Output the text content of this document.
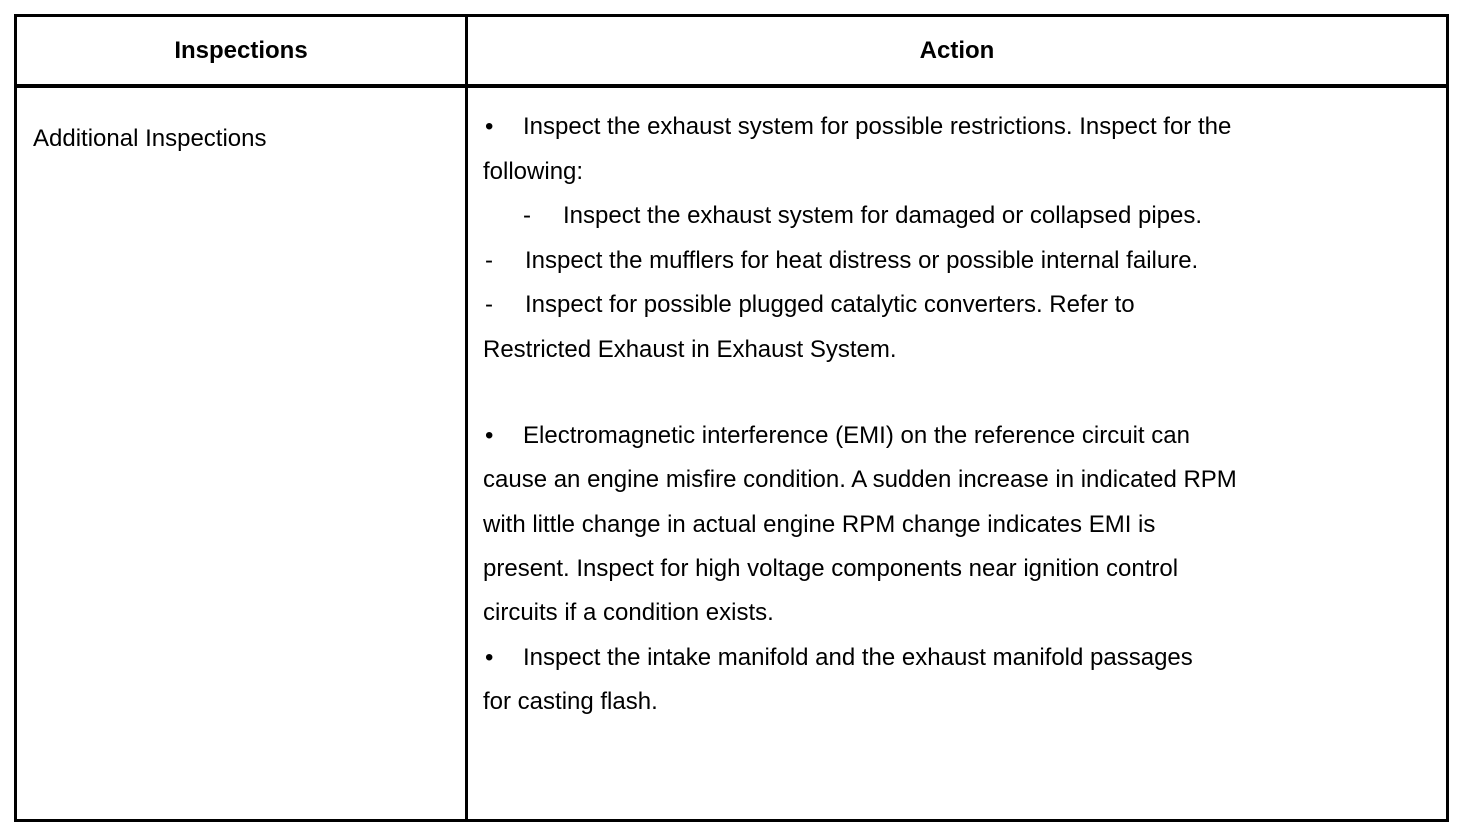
Inspections	Action
Additional Inspections	• Inspect the exhaust system for possible restrictions. Inspect for the
following:
- Inspect the exhaust system for damaged or collapsed pipes.
- Inspect the mufflers for heat distress or possible internal failure.
- Inspect for possible plugged catalytic converters. Refer to
Restricted Exhaust in Exhaust System.
• Electromagnetic interference (EMI) on the reference circuit can
cause an engine misfire condition. A sudden increase in indicated RPM
with little change in actual engine RPM change indicates EMI is
present. Inspect for high voltage components near ignition control
circuits if a condition exists.
• Inspect the intake manifold and the exhaust manifold passages
for casting flash.
